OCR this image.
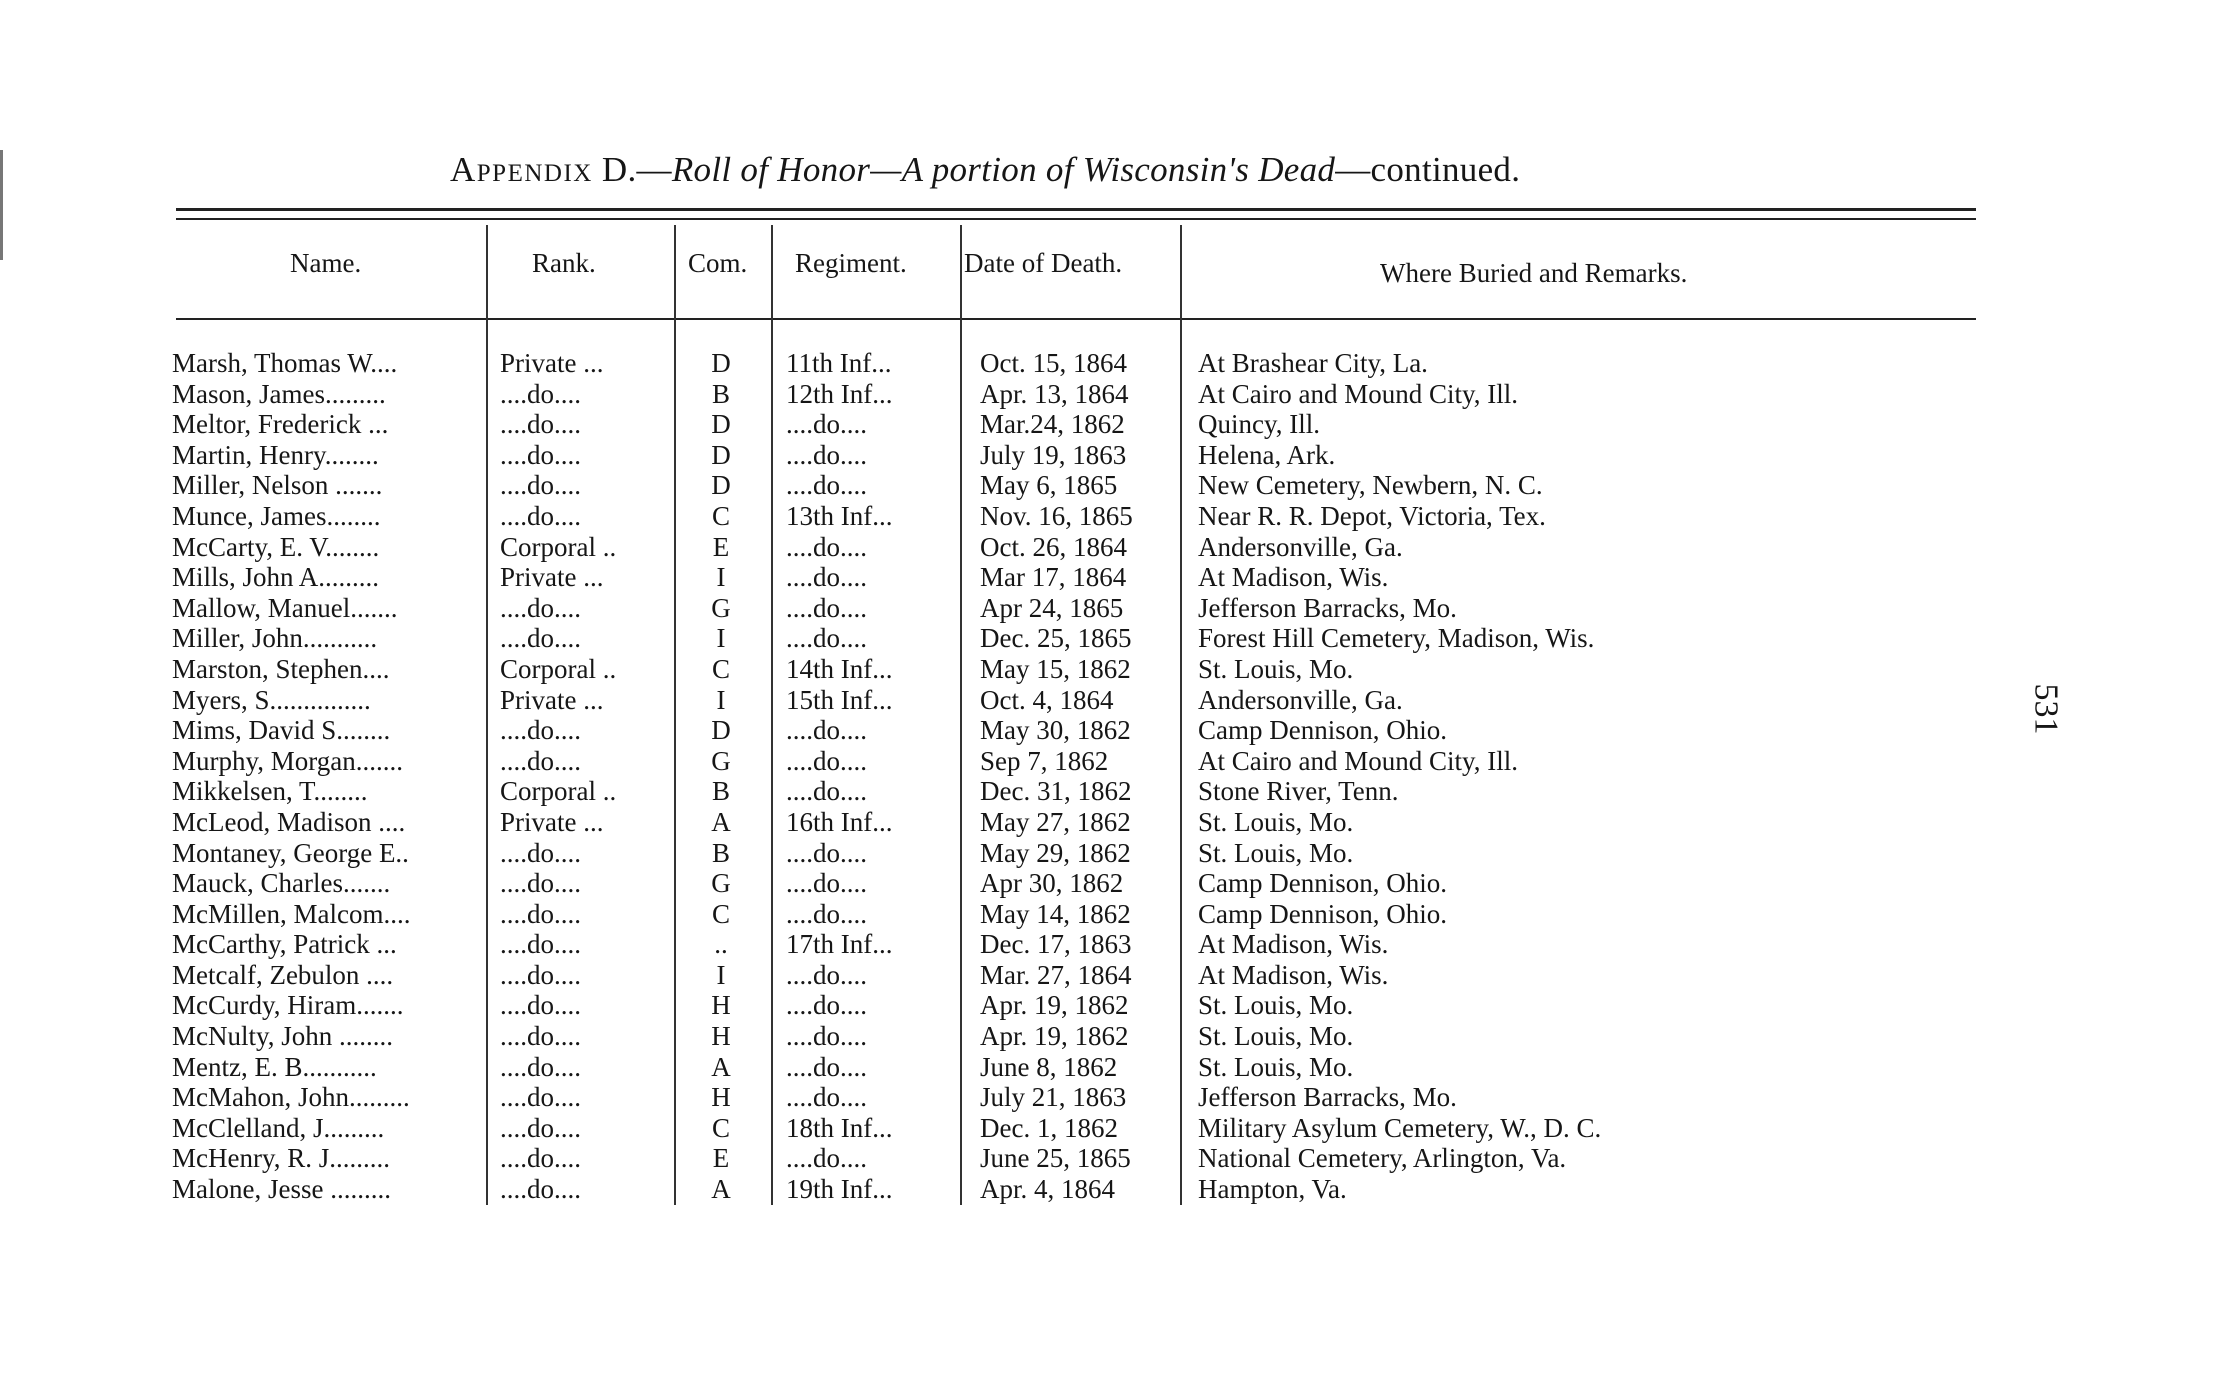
Appendix D.—Roll of Honor—A portion of Wisconsin's Dead—continued.
Name.	Rank.	Com. Regiment. Date of Death.	Where Buried and Remarks.
Marsh, Thomas W....	Private ...	D 11th Inf...	Oct. 15, 1864	At Brashear City, La.
Mason, James.........	....do....	B 12th Inf...	Apr. 13, 1864	At Cairo and Mound City, Ill.
Meltor, Frederick ...	....do....	D ....do....	Mar.24, 1862	Quincy, Ill.
Martin, Henry........	....do....	D ....do....	July 19, 1863	Helena, Ark.
Miller, Nelson .......	....do....	D ....do....	May 6, 1865	New Cemetery, Newbern, N. C.
Munce, James........	....do....	C 13th Inf...	Nov. 16, 1865 Near R. R. Depot, Victoria, Tex.
McCarty, E. V........	Corporal ..	E ....do....	Oct. 26, 1864	Andersonville, Ga.
Mills, John A.........	Private ...	I	....do....	Mar 17, 1864	At Madison, Wis.
Mallow, Manuel.......	....do....	G ....do....	Apr 24, 1865	Jefferson Barracks, Mo.
Miller, John...........	....do....	I	....do....	Dec. 25, 1865 Forest Hill Cemetery, Madison, Wis.
Marston, Stephen....	Corporal ..	C 14th Inf...	May 15, 1862 St. Louis, Mo.
Myers, S...............	Private ...	I	15th Inf...	Oct. 4, 1864	Andersonville, Ga.
Mims, David S........	....do....	D ....do....	May 30, 1862 Camp Dennison, Ohio.
Murphy, Morgan.......	....do....	G ....do....	Sep 7, 1862	At Cairo and Mound City, Ill.
Mikkelsen, T........	Corporal ..	B ....do....	Dec. 31, 1862 Stone River, Tenn.
McLeod, Madison ....	Private ...	A 16th Inf...	May 27, 1862 St. Louis, Mo.
Montaney, George E..	....do....	B ....do....	May 29, 1862 St. Louis, Mo.
Mauck, Charles.......	....do....	G ....do....	Apr 30, 1862	Camp Dennison, Ohio.
McMillen, Malcom....	....do....	C ....do....	May 14, 1862 Camp Dennison, Ohio.
McCarthy, Patrick ...	....do....	..	17th Inf...	Dec. 17, 1863 At Madison, Wis.
Metcalf, Zebulon ....	....do....	I	....do....	Mar. 27, 1864 At Madison, Wis.
McCurdy, Hiram.......	....do....	H ....do....	Apr. 19, 1862	St. Louis, Mo.
McNulty, John ........	....do....	H ....do....	Apr. 19, 1862	St. Louis, Mo.
Mentz, E. B...........	....do....	A ....do....	June 8, 1862	St. Louis, Mo.
McMahon, John.........	....do....	H ....do....	July 21, 1863	Jefferson Barracks, Mo.
McClelland, J.........	....do....	C 18th Inf...	Dec. 1, 1862	Military Asylum Cemetery, W., D. C.
McHenry, R. J.........	....do....	E ....do....	June 25, 1865 National Cemetery, Arlington, Va.
Malone, Jesse .........	....do....	A 19th Inf...	Apr. 4, 1864	Hampton, Va.
531
